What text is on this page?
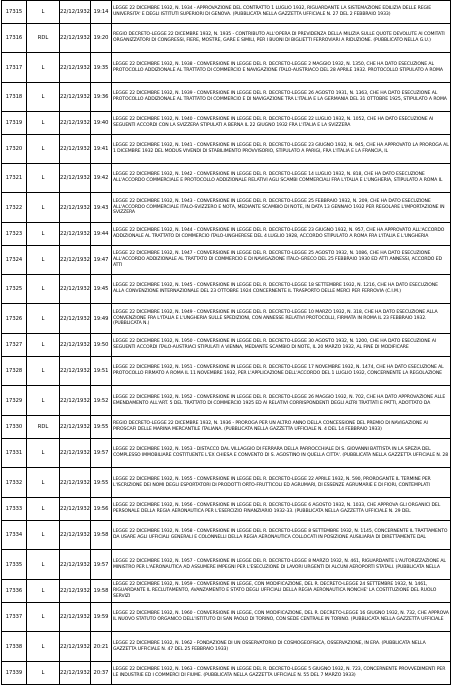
17315	L	22/12/1932	19:14	LEGGE 22 DICEMBRE 1932, N. 1934 - APPROVAZIONE DEL CONTRATTO 1 LUGLIO 1932, RIGUARDANTE LA SISTEMAZIONE EDILIZIA DELLE REGIE UNIVERSITA' E DEGLI ISTITUTI SUPERIORI DI GENOVA. (PUBBLICATA NELLA GAZZETTA UFFICIALE N. 27 DEL 2 FEBBRAIO 1933)
17316	RDL	22/12/1932	19:20	REGIO DECRETO-LEGGE 22 DICEMBRE 1932, N. 1935 - CONTRIBUTO ALL'OPERA DI PREVIDENZA DELLA MILIZIA SULLE QUOTE DEVOLUTE AI COMITATI ORGANIZZATORI DI CONGRESSI, FIERE, MOSTRE, GARE E SIMILI, PER I BUONI DI BIGLIETTI FERROVIARI A RIDUZIONE. (PUBBLICATO NELLA G.U.)
17317	L	22/12/1932	19:35	LEGGE 22 DICEMBRE 1932, N. 1938 - CONVERSIONE IN LEGGE DEL R. DECRETO-LEGGE 2 MAGGIO 1932, N. 1350, CHE HA DATO ESECUZIONE AL PROTOCOLLO ADDIZIONALE AL TRATTATO DI COMMERCIO E NAVIGAZIONE ITALO-AUSTRIACO DEL 28 APRILE 1932. PROTOCOLLO STIPULATO A ROMA
17318	L	22/12/1932	19:36	LEGGE 22 DICEMBRE 1932, N. 1939 - CONVERSIONE IN LEGGE DEL R. DECRETO-LEGGE 26 AGOSTO 1931, N. 1363, CHE HA DATO ESECUZIONE AL PROTOCOLLO ADDIZIONALE AL TRATTATO DI COMMERCIO E DI NAVIGAZIONE TRA L'ITALIA E LA GERMANIA DEL 31 OTTOBRE 1925, STIPULATO A ROMA
17319	L	22/12/1932	19:40	LEGGE 22 DICEMBRE 1932, N. 1940 - CONVERSIONE IN LEGGE DEL R. DECRETO-LEGGE 22 LUGLIO 1932, N. 1052, CHE HA DATO ESECUZIONE AI SEGUENTI ACCORDI CON LA SVIZZERA STIPULATI A BERNA IL 22 GIUGNO 1932 FRA L'ITALIA E LA SVIZZERA
17320	L	22/12/1932	19:41	LEGGE 22 DICEMBRE 1932, N. 1941 - CONVERSIONE IN LEGGE DEL R. DECRETO-LEGGE 23 GIUGNO 1932, N. 945, CHE HA APPROVATO LA PROROGA AL 1 DICEMBRE 1932 DEL MODUS VIVENDI DI STABILIMENTO PROVVISORIO, STIPULATO A PARIGI, FRA L'ITALIA E LA FRANCIA, IL
17321	L	22/12/1932	19:42	LEGGE 22 DICEMBRE 1932, N. 1942 - CONVERSIONE IN LEGGE DEL R. DECRETO-LEGGE 14 LUGLIO 1932, N. 818, CHE HA DATO ESECUZIONE ALL'ACCORDO COMMERCIALE E PROTOCOLLO ADDIZIONALE RELATIVI AGLI SCAMBI COMMERCIALI FRA L'ITALIA E L'UNGHERIA, STIPULATO A ROMA IL
17322	L	22/12/1932	19:43	LEGGE 22 DICEMBRE 1932, N. 1943 - CONVERSIONE IN LEGGE DEL R. DECRETO-LEGGE 25 FEBBRAIO 1932, N. 209, CHE HA DATO ESECUZIONE ALL'ACCORDO COMMERCIALE ITALO-SVIZZERO E NOTA, MEDIANTE SCAMBIO DI NOTE, IN DATA 13 GENNAIO 1932 PER REGOLARE L'IMPORTAZIONE IN SVIZZERA
17323	L	22/12/1932	19:44	LEGGE 22 DICEMBRE 1932, N. 1944 - CONVERSIONE IN LEGGE DEL R. DECRETO-LEGGE 23 GIUGNO 1932, N. 957, CHE HA APPROVATO ALL'ACCORDO ADDIZIONALE AL TRATTATO DI COMMERCIO ITALO-UNGHERESE DEL 4 LUGLIO 1928, ACCORDO STIPULATO A ROMA FRA L'ITALIA E L'UNGHERIA
17324	L	22/12/1932	19:47	LEGGE 22 DICEMBRE 1932, N. 1947 - CONVERSIONE IN LEGGE DEL R. DECRETO-LEGGE 25 AGOSTO 1932, N. 1086, CHE HA DATO ESECUZIONE ALL'ACCORDO ADDIZIONALE AL TRATTATO DI COMMERCIO E DI NAVIGAZIONE ITALO-GRECO DEL 25 FEBBRAIO 1930 ED ATTI ANNESSI, ACCORDO ED ATTI
17325	L	22/12/1932	19:45	LEGGE 22 DICEMBRE 1932, N. 1945 - CONVERSIONE IN LEGGE DEL R. DECRETO-LEGGE 18 SETTEMBRE 1932, N. 1216, CHE HA DATO ESECUZIONE ALLA CONVENZIONE INTERNAZIONALE DEL 23 OTTOBRE 1924 CONCERNENTE IL TRASPORTO DELLE MERCI PER FERROVIA (C.I.M.)
17326	L	22/12/1932	19:49	LEGGE 22 DICEMBRE 1932, N. 1949 - CONVERSIONE IN LEGGE DEL R. DECRETO-LEGGE 10 MARZO 1932, N. 318, CHE HA DATO ESECUZIONE ALLA CONVENZIONE FRA L'ITALIA E L'UNGHERIA SULLE SPEDIZIONI, CON ANNESSE RELATIVI PROTOCOLLI, FIRMATA IN ROMA IL 23 FEBBRAIO 1932. (PUBBLICATA N.)
17327	L	22/12/1932	19:50	LEGGE 22 DICEMBRE 1932, N. 1950 - CONVERSIONE IN LEGGE DEL R. DECRETO-LEGGE 30 AGOSTO 1932, N. 1200, CHE HA DATO ESECUZIONE AI SEGUENTI ACCORDI ITALO-AUSTRIACI STIPULATI A VIENNA, MEDIANTE SCAMBIO DI NOTE, IL 20 MARZO 1932, AL FINE DI MODIFICARE
17328	L	22/12/1932	19:51	LEGGE 22 DICEMBRE 1932, N. 1951 - CONVERSIONE IN LEGGE DEL R. DECRETO-LEGGE 17 NOVEMBRE 1932, N. 1474, CHE HA DATO ESECUZIONE AL PROTOCOLLO FIRMATO A ROMA IL 11 NOVEMBRE 1932, PER L'APPLICAZIONE DELL'ACCORDO DEL 1 LUGLIO 1932, CONCERNENTE LA REGOLAZIONE
17329	L	22/12/1932	19:52	LEGGE 22 DICEMBRE 1932, N. 1952 - CONVERSIONE IN LEGGE DEL R. DECRETO-LEGGE 26 MAGGIO 1932, N. 702, CHE HA DATO APPROVAZIONE ALLE EMENDAMENTO ALL'ART. 5 DEL TRATTATO DI COMMERCIO 1925 ED AI RELATIVI CORRISPONDENTI DEGLI ALTRI TRATTATI E PATTI, ADOTTATO DA
17330	RDL	22/12/1932	19:55	REGIO DECRETO-LEGGE 22 DICEMBRE 1932, N. 1936 - PROROGA PER UN ALTRO ANNO DELLA CONCESSIONE DEL PREMIO DI NAVIGAZIONE AI PIROSCAFI DELLE MARINA MERCANTILE ITALIANA. (PUBBLICATA NELLA GAZZETTA UFFICIALE N. 4 DEL 14 FEBBRAIO 1933)
17331	L	22/12/1932	19:57	LEGGE 22 DICEMBRE 1932, N. 1953 - DISTACCO DAL VILLAGGIO DI FERRARA DELLA PARROCCHIALE DI S. GIOVANNI BATTISTA IN LA SPEZIA DEL COMPLESSO IMMOBILIARE COSTITUENTE L'EX CHIESA E CONVENTO DI S. AGOSTINO IN QUELLA CITTA'. (PUBBLICATA NELLA GAZZETTA UFFICIALE N. 28
17332	L	22/12/1932	19:55	LEGGE 22 DICEMBRE 1932, N. 1955 - CONVERSIONE IN LEGGE DEL R. DECRETO-LEGGE 22 APRILE 1932, N. 590, PROROGANTE IL TERMINE PER L'ISCRIZIONE DEI NOMI DEGLI ESPORTATORI DI PRODOTTI ORTO-FRUTTICOLI ED AGRUMARI, DI ESSENZE AGRUMARIE E DI FIORI, CONTEMPLATI
17333	L	22/12/1932	19:56	LEGGE 22 DICEMBRE 1932, N. 1956 - CONVERSIONE IN LEGGE DEL R. DECRETO-LEGGE 6 AGOSTO 1932, N. 1033, CHE APPROVA GLI ORGANICI DEL PERSONALE DELLA REGIA AERONAUTICA PER L'ESERCIZIO FINANZIARIO 1932-33. (PUBBLICATA NELLA GAZZETTA UFFICIALE N. 29 DEL
17334	L	22/12/1932	19:58	LEGGE 22 DICEMBRE 1932, N. 1958 - CONVERSIONE IN LEGGE DEL R. DECRETO-LEGGE 8 SETTEMBRE 1932, N. 1145, CONCERNENTE IL TRATTAMENTO DA USARE AGLI UFFICIALI GENERALI E COLONNELLI DELLA REGIA AERONAUTICA COLLOCATI IN POSIZIONE AUSILIARIA DI DIRETTAMENTE DAL
17335	L	22/12/1932	19:57	LEGGE 22 DICEMBRE 1932, N. 1957 - CONVERSIONE IN LEGGE DEL R. DECRETO-LEGGE 8 MARZO 1932, N. 461, RIGUARDANTE L'AUTORIZZAZIONE AL MINISTRO PER L'AERONAUTICA AD ASSUMERE IMPEGNI PER L'ESECUZIONE DI LAVORI URGENTI DI ALCUNI AEROPORTI STATALI. (PUBBLICATA NELLA
17336	L	22/12/1932	19:58	LEGGE 22 DICEMBRE 1932, N. 1959 - CONVERSIONE IN LEGGE, CON MODIFICAZIONE, DEL R. DECRETO-LEGGE 24 SETTEMBRE 1932, N. 1461, RIGUARDANTE IL RECLUTAMENTO, AVANZAMENTO E STATO DEGLI UFFICIALI DELLA REGIA AERONAUTICA NONCHE' LA COSTITUZIONE DEL RUOLO SERVIZI
17337	L	22/12/1932	19:59	LEGGE 22 DICEMBRE 1932, N. 1960 - CONVERSIONE IN LEGGE, CON MODIFICAZIONE, DEL R. DECRETO-LEGGE 16 GIUGNO 1932, N. 732, CHE APPROVA IL NUOVO STATUTO ORGANICO DELL'ISTITUTO DI SAN PAOLO DI TORINO, CON SEDE CENTRALE IN TORINO. (PUBBLICATA NELLA GAZZETTA UFFICIALE
17338	L	22/12/1932	20:21	LEGGE 22 DICEMBRE 1932, N. 1962 - FONDAZIONE DI UN OSSERVATORIO DI COSMOGEOFISICA, OSSERVAZIONE, IN ERA. (PUBBLICATA NELLA GAZZETTA UFFICIALE N. 47 DEL 25 FEBBRAIO 1933)
17339	L	22/12/1932	20:37	LEGGE 22 DICEMBRE 1932, N. 1963 - CONVERSIONE IN LEGGE DEL R. DECRETO-LEGGE 5 GIUGNO 1932, N. 723, CONCERNENTE PROVVEDIMENTI PER LE INDUSTRIE ED I COMMERCI DI FIUME. (PUBBLICATA NELLA GAZZETTA UFFICIALE N. 55 DEL 7 MARZO 1933)
